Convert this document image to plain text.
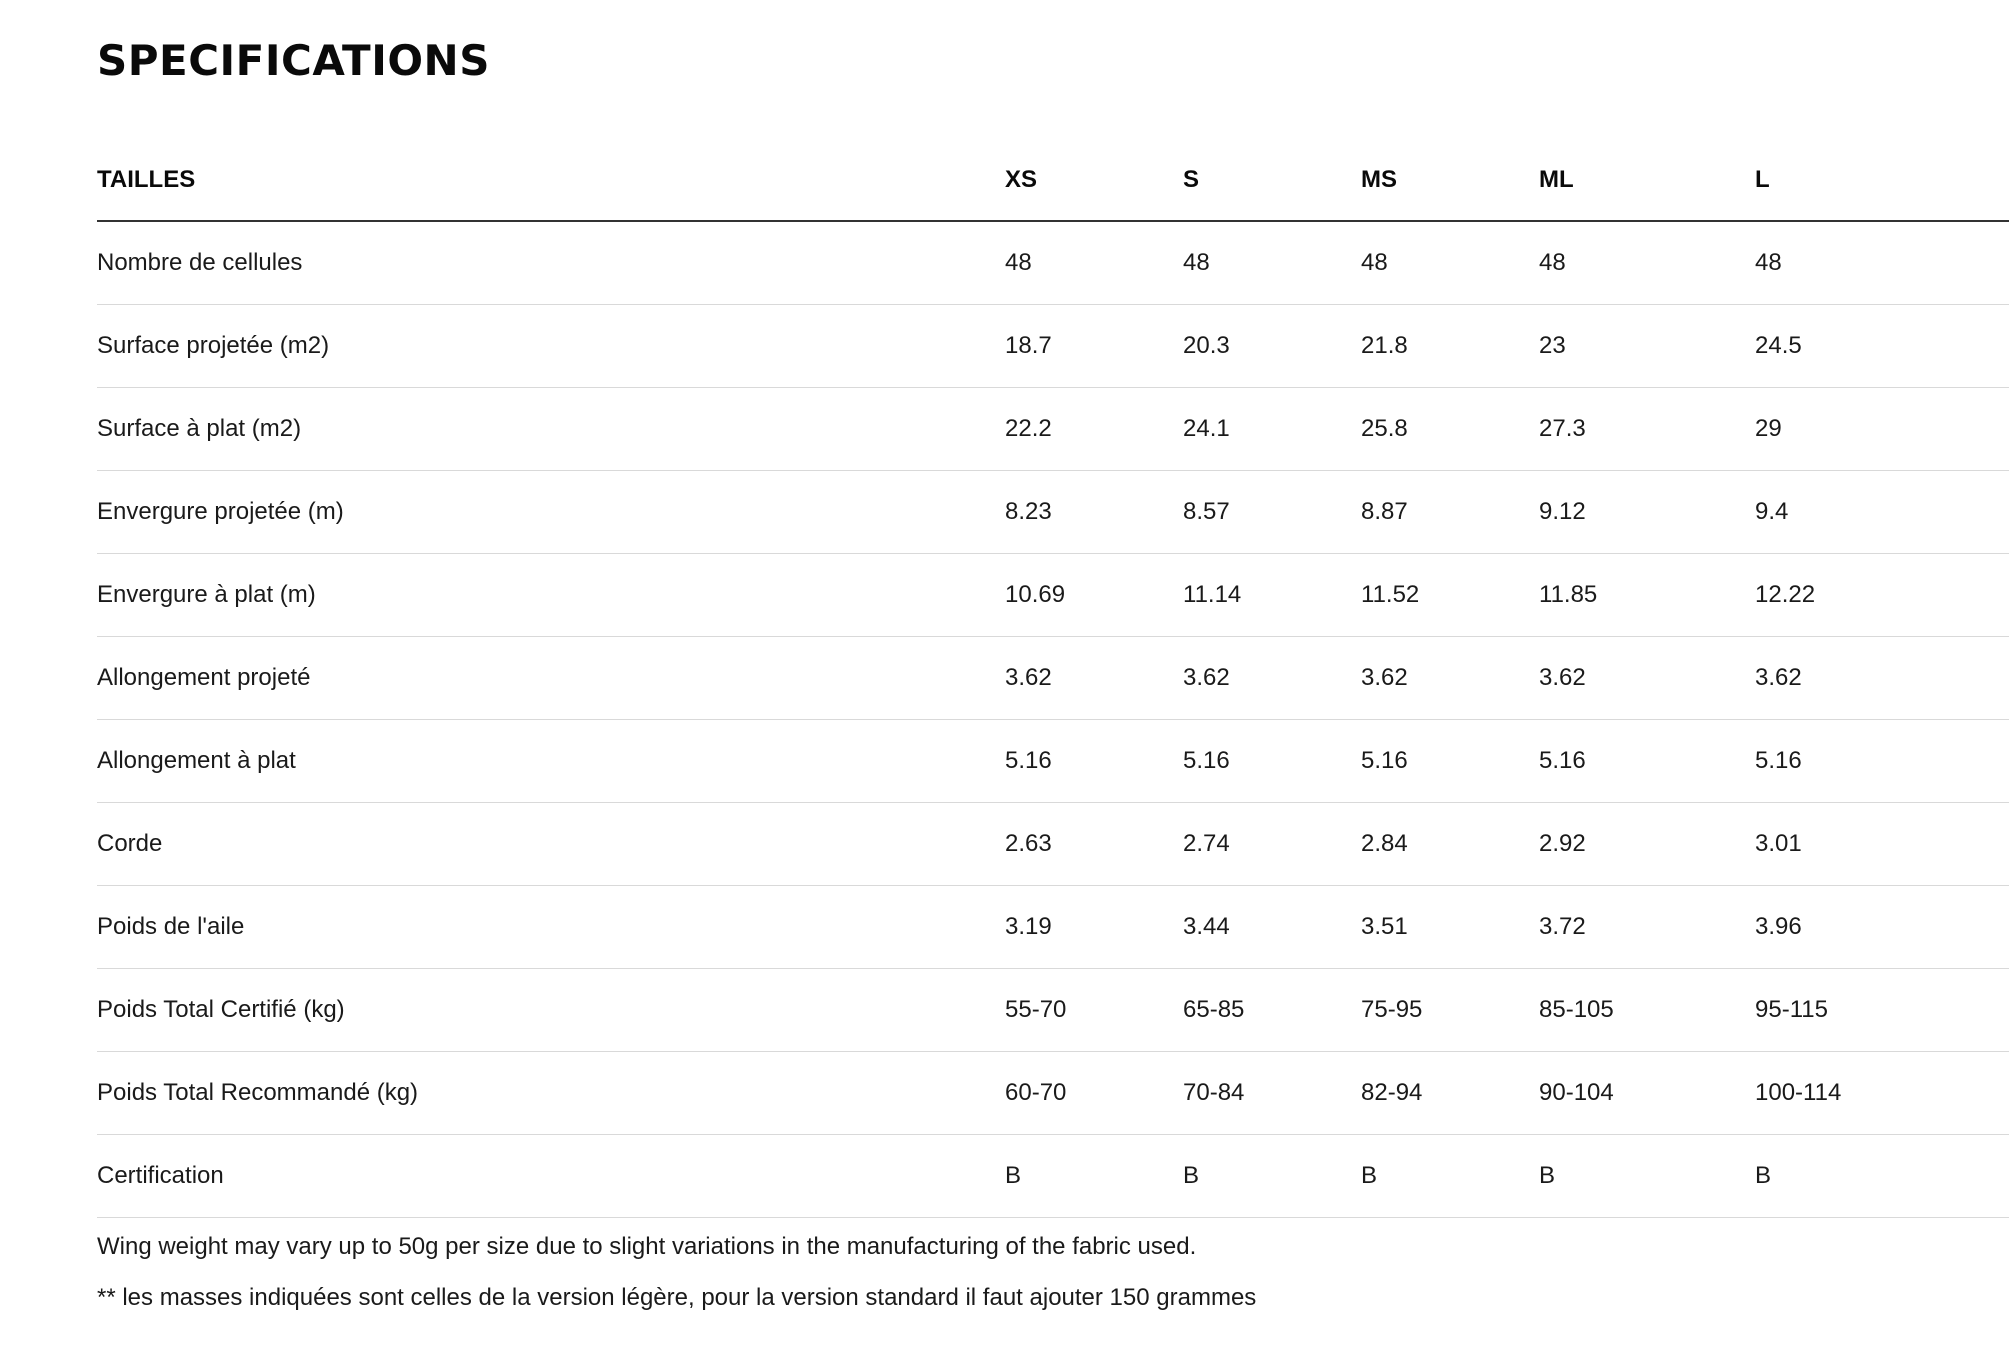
SPECIFICATIONS
TAILLES	XS	S	MS	ML	L
Nombre de cellules	48	48	48	48	48
Surface projetée (m2)	18.7	20.3	21.8	23	24.5
Surface à plat (m2)	22.2	24.1	25.8	27.3	29
Envergure projetée (m)	8.23	8.57	8.87	9.12	9.4
Envergure à plat (m)	10.69	11.14	11.52	11.85	12.22
Allongement projeté	3.62	3.62	3.62	3.62	3.62
Allongement à plat	5.16	5.16	5.16	5.16	5.16
Corde	2.63	2.74	2.84	2.92	3.01
Poids de l'aile	3.19	3.44	3.51	3.72	3.96
Poids Total Certifié (kg)	55-70	65-85	75-95	85-105	95-115
Poids Total Recommandé (kg)	60-70	70-84	82-94	90-104	100-114
Certification	B	B	B	B	B

Wing weight may vary up to 50g per size due to slight variations in the manufacturing of the fabric used.

** les masses indiquées sont celles de la version légère, pour la version standard il faut ajouter 150 grammes
